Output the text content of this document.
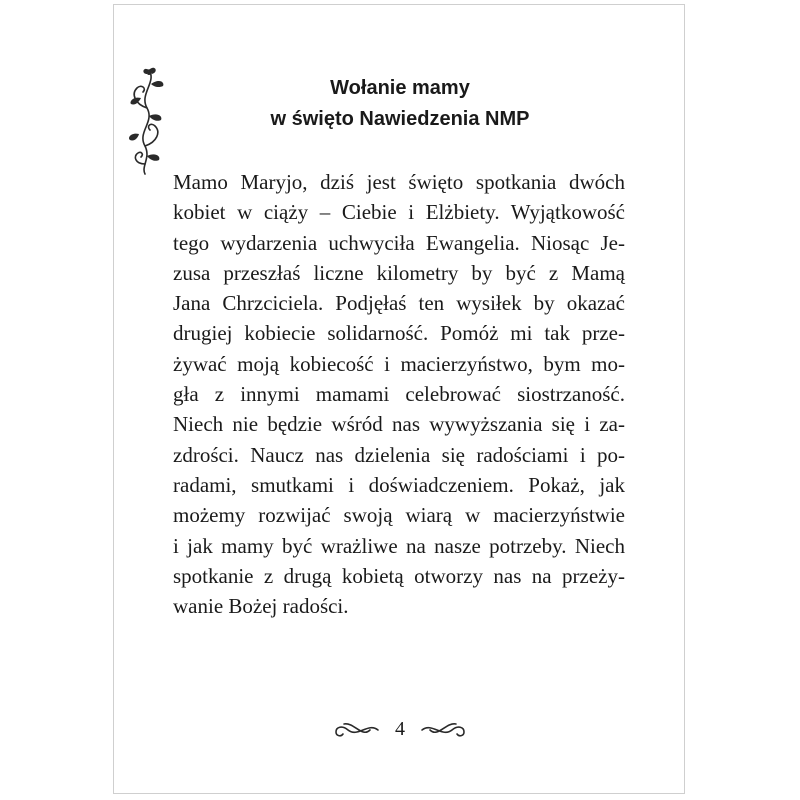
Wołanie mamy
w święto Nawiedzenia NMP
Mamo Maryjo, dziś jest święto spotkania dwóch
kobiet w ciąży – Ciebie i Elżbiety. Wyjątkowość
tego wydarzenia uchwyciła Ewangelia. Niosąc Je-
zusa przeszłaś liczne kilometry by być z Mamą
Jana Chrzciciela. Podjęłaś ten wysiłek by okazać
drugiej kobiecie solidarność. Pomóż mi tak prze-
żywać moją kobiecość i macierzyństwo, bym mo-
gła z innymi mamami celebrować siostrzaność.
Niech nie będzie wśród nas wywyższania się i za-
zdrości. Naucz nas dzielenia się radościami i po-
radami, smutkami i doświadczeniem. Pokaż, jak
możemy rozwijać swoją wiarą w macierzyństwie
i jak mamy być wrażliwe na nasze potrzeby. Niech
spotkanie z drugą kobietą otworzy nas na przeży-
wanie Bożej radości.
4
